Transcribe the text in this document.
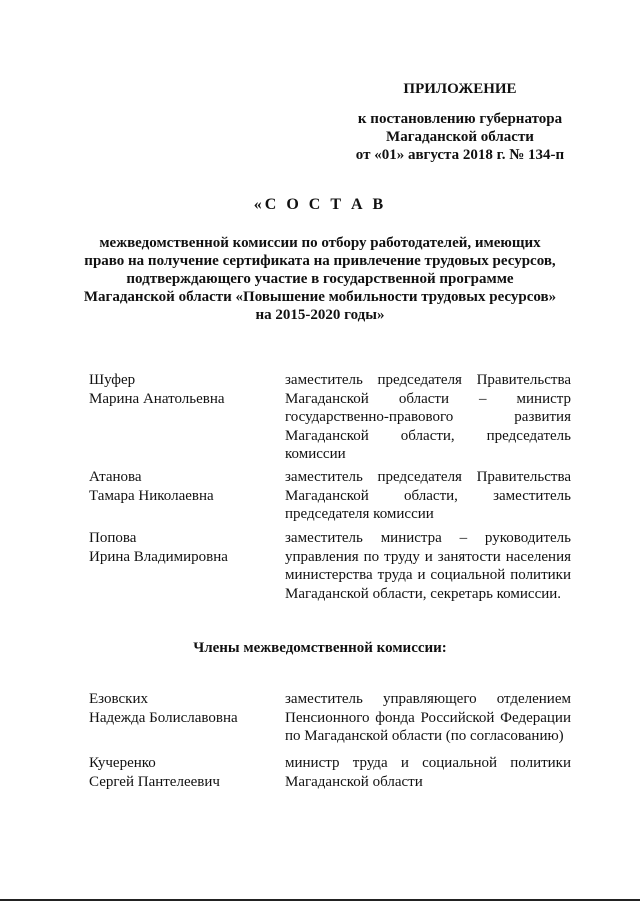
ПРИЛОЖЕНИЕ
к постановлению губернатора
Магаданской области
от «01» августа 2018 г. № 134-п
«С О С Т А В
межведомственной комиссии по отбору работодателей, имеющих
право на получение сертификата на привлечение трудовых ресурсов,
подтверждающего участие в государственной программе
Магаданской области «Повышение мобильности трудовых ресурсов»
на 2015-2020 годы»
Шуфер
Марина Анатольевна
заместитель председателя Правительства
Магаданской области – министр
государственно-правового развития
Магаданской области, председатель
комиссии
Атанова
Тамара Николаевна
заместитель председателя Правительства
Магаданской области, заместитель
председателя комиссии
Попова
Ирина Владимировна
заместитель министра – руководитель
управления по труду и занятости населения
министерства труда и социальной политики
Магаданской области, секретарь комиссии.
Члены межведомственной комиссии:
Езовских
Надежда Болиславовна
заместитель управляющего отделением
Пенсионного фонда Российской Федерации
по Магаданской области (по согласованию)
Кучеренко
Сергей Пантелеевич
министр труда и социальной политики
Магаданской области
